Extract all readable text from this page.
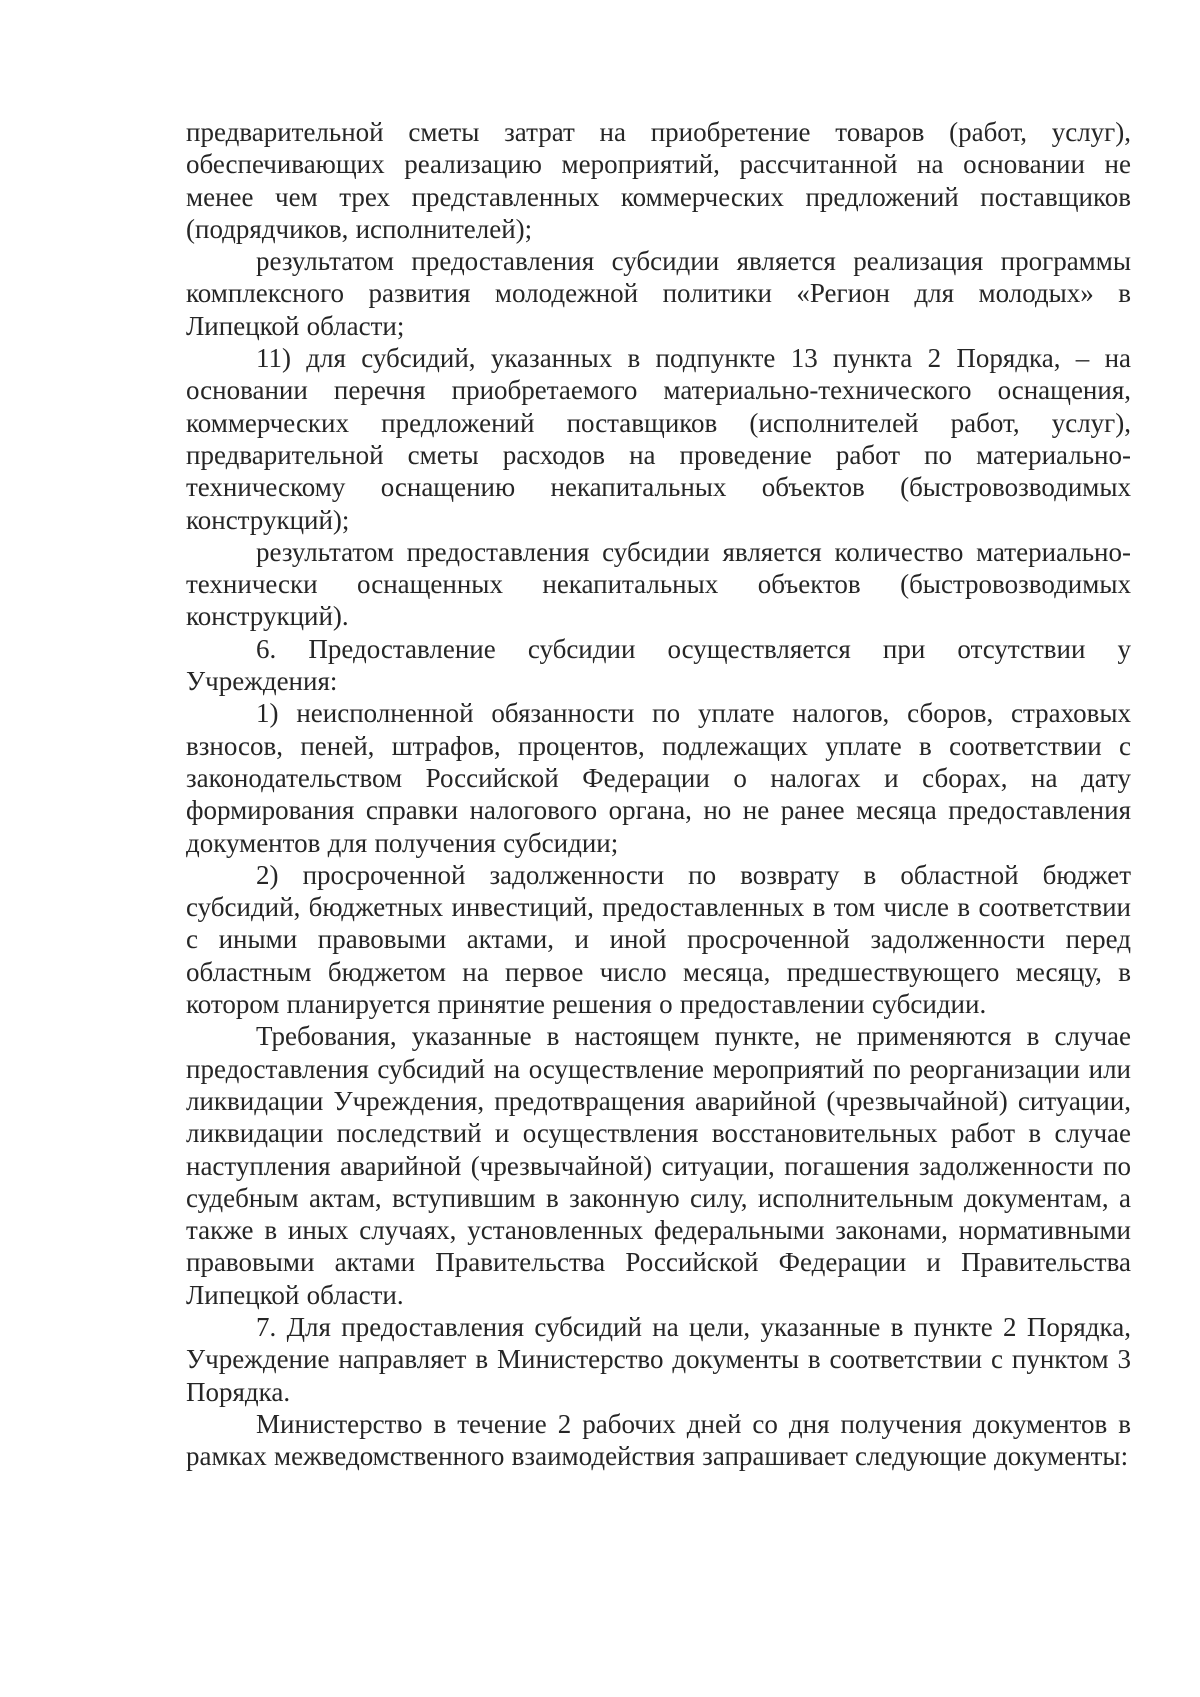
предварительной сметы затрат на приобретение товаров (работ, услуг), обеспечивающих реализацию мероприятий, рассчитанной на основании не менее чем трех представленных коммерческих предложений поставщиков (подрядчиков, исполнителей);

результатом предоставления субсидии является реализация программы комплексного развития молодежной политики «Регион для молодых» в Липецкой области;

11) для субсидий, указанных в подпункте 13 пункта 2 Порядка, – на основании перечня приобретаемого материально-технического оснащения, коммерческих предложений поставщиков (исполнителей работ, услуг), предварительной сметы расходов на проведение работ по материально-техническому оснащению некапитальных объектов (быстровозводимых конструкций);

результатом предоставления субсидии является количество материально-технически оснащенных некапитальных объектов (быстровозводимых конструкций).

6. Предоставление субсидии осуществляется при отсутствии у Учреждения:

1) неисполненной обязанности по уплате налогов, сборов, страховых взносов, пеней, штрафов, процентов, подлежащих уплате в соответствии с законодательством Российской Федерации о налогах и сборах, на дату формирования справки налогового органа, но не ранее месяца предоставления документов для получения субсидии;

2) просроченной задолженности по возврату в областной бюджет субсидий, бюджетных инвестиций, предоставленных в том числе в соответствии с иными правовыми актами, и иной просроченной задолженности перед областным бюджетом на первое число месяца, предшествующего месяцу, в котором планируется принятие решения о предоставлении субсидии.

Требования, указанные в настоящем пункте, не применяются в случае предоставления субсидий на осуществление мероприятий по реорганизации или ликвидации Учреждения, предотвращения аварийной (чрезвычайной) ситуации, ликвидации последствий и осуществления восстановительных работ в случае наступления аварийной (чрезвычайной) ситуации, погашения задолженности по судебным актам, вступившим в законную силу, исполнительным документам, а также в иных случаях, установленных федеральными законами, нормативными правовыми актами Правительства Российской Федерации и Правительства Липецкой области.

7. Для предоставления субсидий на цели, указанные в пункте 2 Порядка, Учреждение направляет в Министерство документы в соответствии с пунктом 3 Порядка.

Министерство в течение 2 рабочих дней со дня получения документов в рамках межведомственного взаимодействия запрашивает следующие документы:
